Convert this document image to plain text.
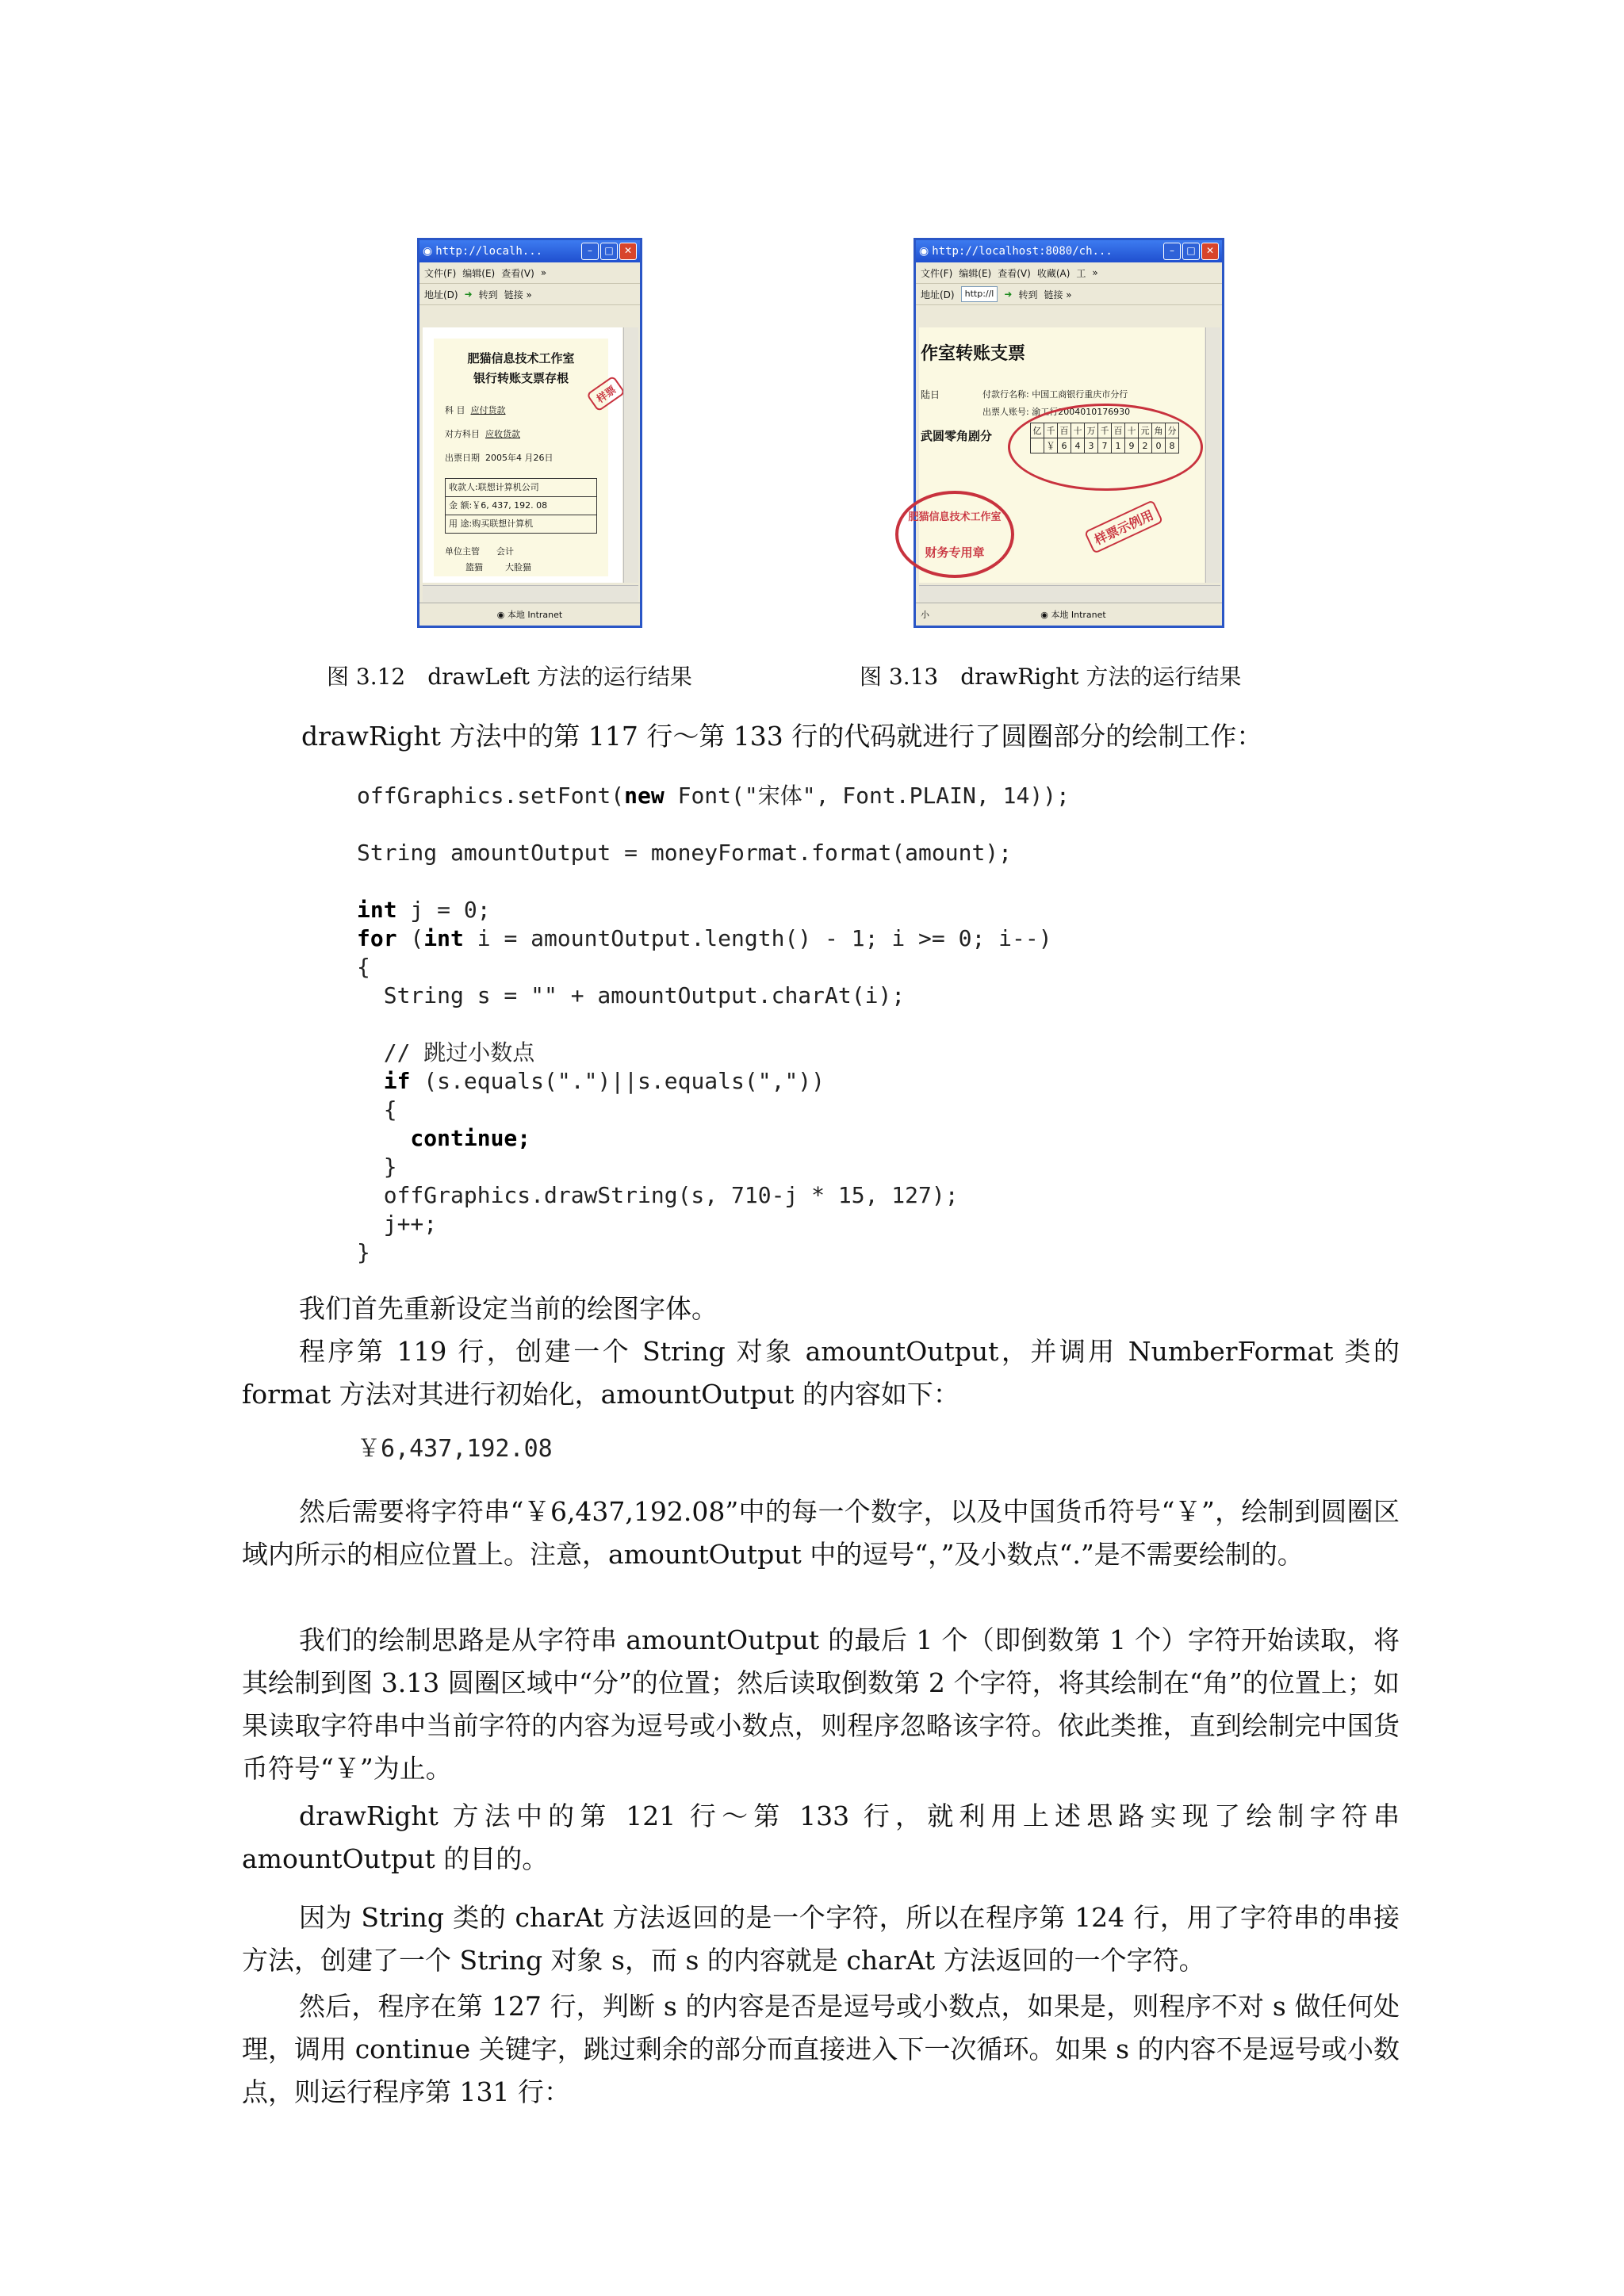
◉ http://localh...	–	□	✕
文件(F) 编辑(E) 查看(V) »
地址(D) ➜ 转到 链接 »
肥猫信息技术工作室
银行转账支票存根
科 目 应付货款
对方科目 应收货款
出票日期 2005年4 月26日
收款人:联想计算机公司
金 额:￥6, 437, 192. 08
用 途:购买联想计算机
单位主管 会计
篮猫	大脸猫
样票
◉
本地 Intranet
◉ http://localhost:8080/ch...	–	□	✕
文件(F) 编辑(E) 查看(V) 收藏(A) 工 »
地址(D)	http://l	➜ 转到 链接 »
作室转账支票
陆日	付款行名称: 中国工商银行重庆市分行
出票人账号: 渝工行2004010176930
武圆零角剧分	亿	千	百	十	万	千	百	十	元	角	分
	￥	6	4	3	7	1	9	2	0	8
肥猫信息技术工作室
财务专用章
样票示例用
小	◉ 本地 Intranet
图 3.12　drawLeft 方法的运行结果	图 3.13　drawRight 方法的运行结果
drawRight 方法中的第 117 行～第 133 行的代码就进行了圆圈部分的绘制工作：
offGraphics.setFont(new Font("宋体", Font.PLAIN, 14));
String amountOutput = moneyFormat.format(amount);
int j = 0;
for (int i = amountOutput.length() - 1; i >= 0; i--)
{
String s = "" + amountOutput.charAt(i);
// 跳过小数点
if (s.equals(".")||s.equals(","))
{
continue;
}
offGraphics.drawString(s, 710-j * 15, 127);
j++;
}
我们首先重新设定当前的绘图字体。
程序第 119 行，创建一个 String 对象 amountOutput，并调用 NumberFormat 类的 format 方法对其进行初始化，amountOutput 的内容如下：
￥6,437,192.08
然后需要将字符串“￥6,437,192.08”中的每一个数字，以及中国货币符号“￥”，绘制到圆圈区域内所示的相应位置上。注意，amountOutput 中的逗号“，”及小数点“.”是不需要绘制的。
我们的绘制思路是从字符串 amountOutput 的最后 1 个（即倒数第 1 个）字符开始读取，将其绘制到图 3.13 圆圈区域中“分”的位置；然后读取倒数第 2 个字符，将其绘制在“角”的位置上；如果读取字符串中当前字符的内容为逗号或小数点，则程序忽略该字符。依此类推，直到绘制完中国货币符号“￥”为止。
drawRight 方法中的第 121 行～第 133 行，就利用上述思路实现了绘制字符串 amountOutput 的目的。
因为 String 类的 charAt 方法返回的是一个字符，所以在程序第 124 行，用了字符串的串接方法，创建了一个 String 对象 s，而 s 的内容就是 charAt 方法返回的一个字符。
然后，程序在第 127 行，判断 s 的内容是否是逗号或小数点，如果是，则程序不对 s 做任何处理，调用 continue 关键字，跳过剩余的部分而直接进入下一次循环。如果 s 的内容不是逗号或小数点，则运行程序第 131 行：
